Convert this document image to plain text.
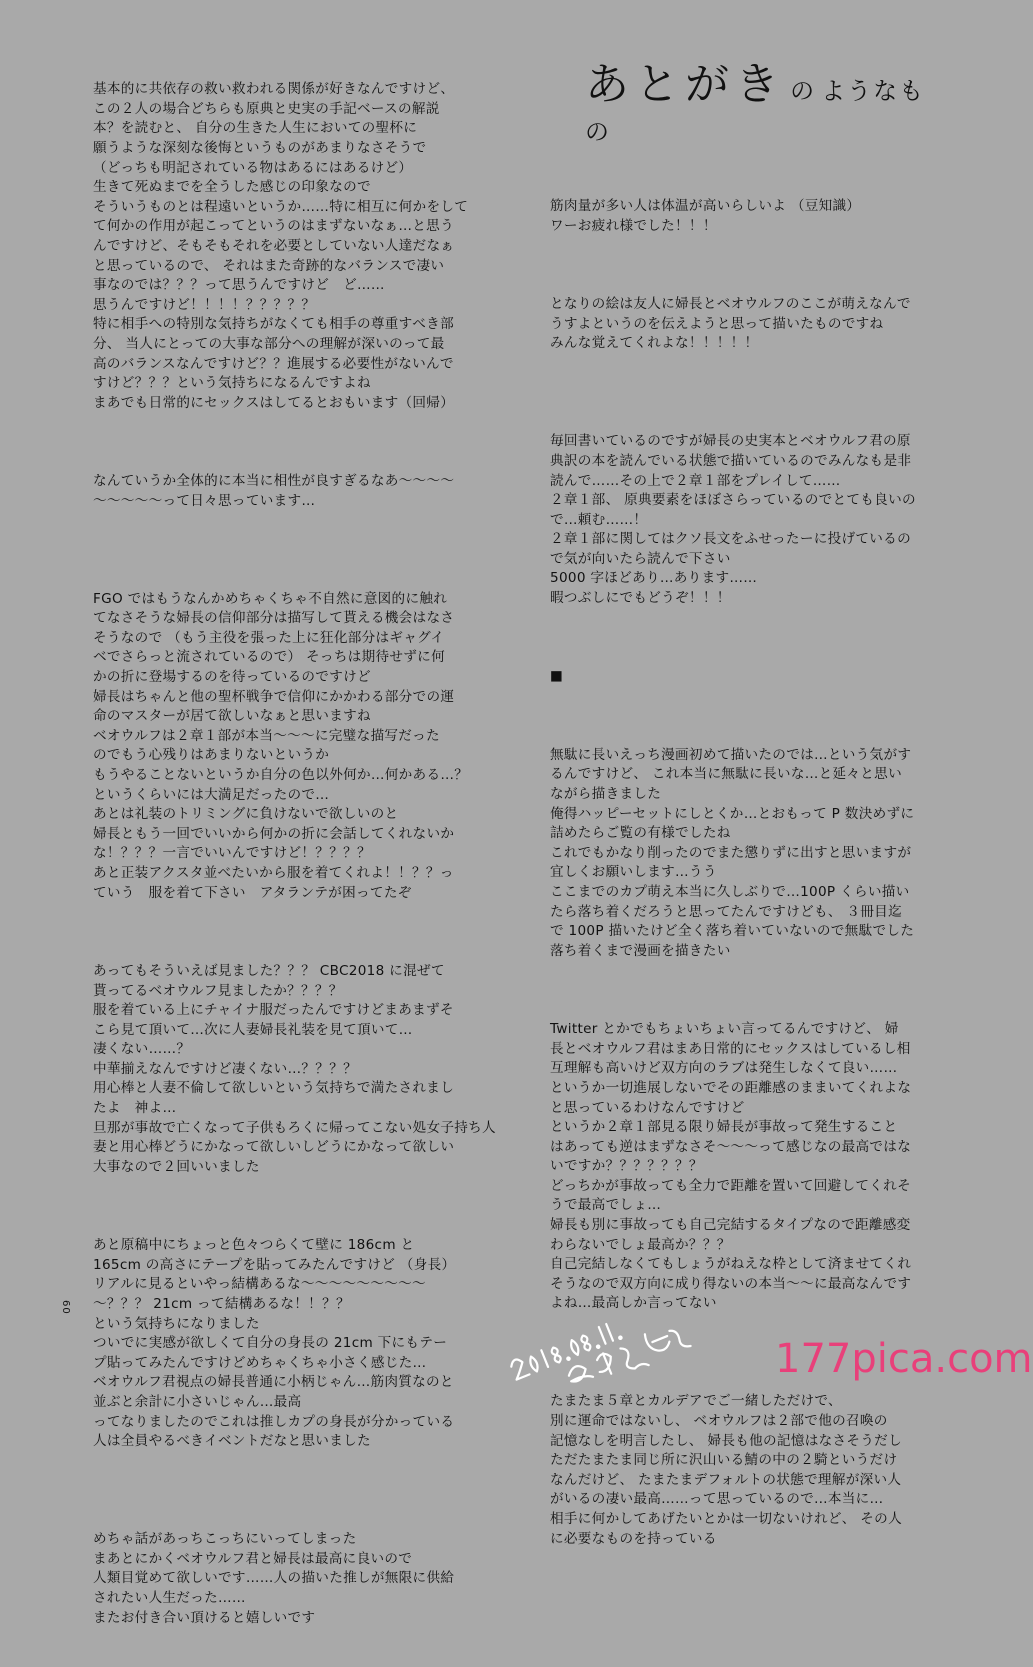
あとがき の ようなもの

基本的に共依存の救い救われる関係が好きなんですけど、
この２人の場合どちらも原典と史実の手記ベースの解説
本？を読むと、 自分の生きた人生においての聖杯に
願うような深刻な後悔というものがあまりなさそうで
（どっちも明記されている物はあるにはあるけど）
生きて死ぬまでを全うした感じの印象なので
そういうものとは程遠いというか……特に相互に何かをして
て何かの作用が起こってというのはまずないなぁ…と思う
んですけど、そもそもそれを必要としていない人達だなぁ
と思っているので、 それはまた奇跡的なバランスで凄い
事なのでは？？？って思うんですけど　ど……
思うんですけど！！！！？？？？？
特に相手への特別な気持ちがなくても相手の尊重すべき部
分、 当人にとっての大事な部分への理解が深いのって最
高のバランスなんですけど？？進展する必要性がないんで
すけど？？？という気持ちになるんですよね
まあでも日常的にセックスはしてるとおもいます（回帰）

なんていうか全体的に本当に相性が良すぎるなあ～～～～
～～～～～って日々思っています…

FGO ではもうなんかめちゃくちゃ不自然に意図的に触れ
てなさそうな婦長の信仰部分は描写して貰える機会はなさ
そうなので （もう主役を張った上に狂化部分はギャグイ
ベでさらっと流されているので） そっちは期待せずに何
かの折に登場するのを待っているのですけど
婦長はちゃんと他の聖杯戦争で信仰にかかわる部分での運
命のマスターが居て欲しいなぁと思いますね
ベオウルフは２章１部が本当～～～に完璧な描写だった
のでもう心残りはあまりないというか
もうやることないというか自分の色以外何か…何かある…？
というくらいには大満足だったので…
あとは礼装のトリミングに負けないで欲しいのと
婦長ともう一回でいいから何かの折に会話してくれないか
な！？？？一言でいいんですけど！？？？？
あと正装アクスタ並べたいから服を着てくれよ！！？？っ
ていう　服を着て下さい　アタランテが困ってたぞ

あってもそういえば見ました？？？ CBC2018 に混ぜて
貰ってるベオウルフ見ましたか？？？？
服を着ている上にチャイナ服だったんですけどまあまずそ
こら見て頂いて…次に人妻婦長礼装を見て頂いて…
凄くない……？
中華揃えなんですけど凄くない…？？？？
用心棒と人妻不倫して欲しいという気持ちで満たされまし
たよ　神よ…
旦那が事故で亡くなって子供もろくに帰ってこない処女子持ち人
妻と用心棒どうにかなって欲しいしどうにかなって欲しい
大事なので２回いいました

あと原稿中にちょっと色々つらくて壁に 186cm と
165cm の高さにテープを貼ってみたんですけど （身長）
リアルに見るといやっ結構あるな～～～～～～～～～
～？？？ 21cm って結構あるな！！？？
という気持ちになりました
ついでに実感が欲しくて自分の身長の 21cm 下にもテー
プ貼ってみたんですけどめちゃくちゃ小さく感じた…
ベオウルフ君視点の婦長普通に小柄じゃん…筋肉質なのと
並ぶと余計に小さいじゃん…最高
ってなりましたのでこれは推しカプの身長が分かっている
人は全員やるべきイベントだなと思いました

めちゃ話があっちこっちにいってしまった
まあとにかくベオウルフ君と婦長は最高に良いので
人類目覚めて欲しいです……人の描いた推しが無限に供給
されたい人生だった……
またお付き合い頂けると嬉しいです

筋肉量が多い人は体温が高いらしいよ （豆知識）
ワーお疲れ様でした！！！

となりの絵は友人に婦長とベオウルフのここが萌えなんで
うすよというのを伝えようと思って描いたものですね
みんな覚えてくれよな！！！！！

毎回書いているのですが婦長の史実本とベオウルフ君の原
典訳の本を読んでいる状態で描いているのでみんなも是非
読んで……その上で２章１部をプレイして……
２章１部、 原典要素をほぼさらっているのでとても良いの
で…頼む……！
２章１部に関してはクソ長文をふせったーに投げているの
で気が向いたら読んで下さい
5000 字ほどあり…あります……
暇つぶしにでもどうぞ！！！

■

無駄に長いえっち漫画初めて描いたのでは…という気がす
るんですけど、 これ本当に無駄に長いな…と延々と思い
ながら描きました
俺得ハッピーセットにしとくか…とおもって P 数決めずに
詰めたらご覧の有様でしたね
これでもかなり削ったのでまた懲りずに出すと思いますが
宜しくお願いします…うう
ここまでのカプ萌え本当に久しぶりで…100P くらい描い
たら落ち着くだろうと思ってたんですけども、 ３冊目迄
で 100P 描いたけど全く落ち着いていないので無駄でした
落ち着くまで漫画を描きたい

Twitter とかでもちょいちょい言ってるんですけど、 婦
長とベオウルフ君はまあ日常的にセックスはしているし相
互理解も高いけど双方向のラブは発生しなくて良い……
というか一切進展しないでその距離感のままいてくれよな
と思っているわけなんですけど
というか２章１部見る限り婦長が事故って発生すること
はあっても逆はまずなさそ～～～って感じなの最高ではな
いですか？？？？？？？
どっちかが事故っても全力で距離を置いて回避してくれそ
うで最高でしょ…
婦長も別に事故っても自己完結するタイプなので距離感変
わらないでしょ最高か？？？
自己完結しなくてもしょうがねえな枠として済ませてくれ
そうなので双方向に成り得ないの本当～～に最高なんです
よね…最高しか言ってない

たまたま５章とカルデアでご一緒しただけで、
別に運命ではないし、 ベオウルフは２部で他の召喚の
記憶なしを明言したし、 婦長も他の記憶はなさそうだし
ただたまたま同じ所に沢山いる鯖の中の２騎というだけ
なんだけど、 たまたまデフォルトの状態で理解が深い人
がいるの凄い最高……って思っているので…本当に…
相手に何かしてあげたいとかは一切ないけれど、 その人
に必要なものを持っている

60
177pica.com
